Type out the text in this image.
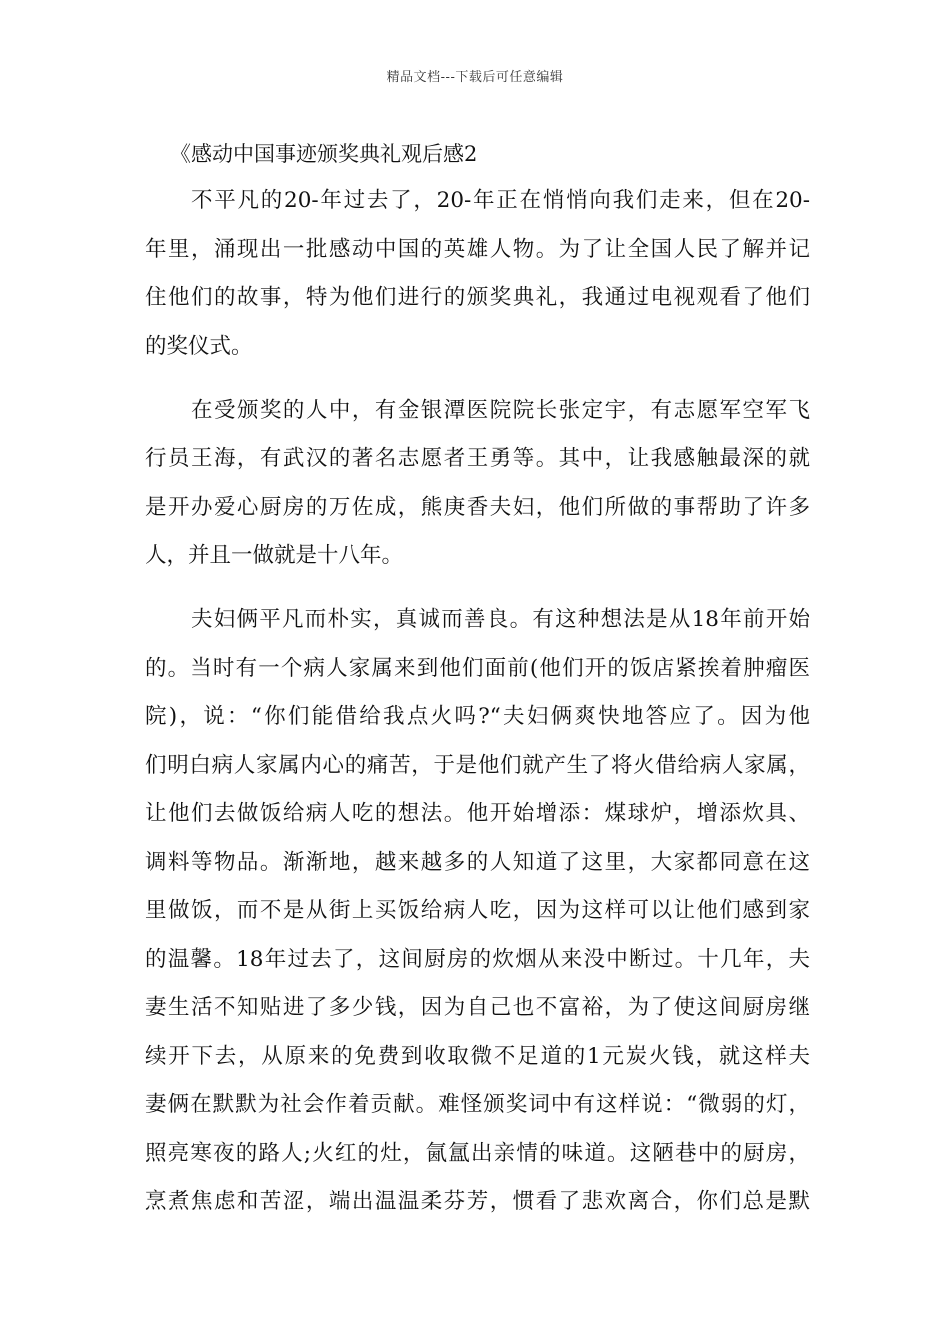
精品文档---下载后可任意编辑
《感动中国事迹颁奖典礼观后感2
不平凡的20-年过去了，20-年正在悄悄向我们走来，但在20-
年里，涌现出一批感动中国的英雄人物。为了让全国人民了解并记
住他们的故事，特为他们进行的颁奖典礼，我通过电视观看了他们
的奖仪式。
在受颁奖的人中，有金银潭医院院长张定宇，有志愿军空军飞
行员王海，有武汉的著名志愿者王勇等。其中，让我感触最深的就
是开办爱心厨房的万佐成，熊庚香夫妇，他们所做的事帮助了许多
人，并且一做就是十八年。
夫妇俩平凡而朴实，真诚而善良。有这种想法是从18年前开始
的。当时有一个病人家属来到他们面前(他们开的饭店紧挨着肿瘤医
院)，说：“你们能借给我点火吗?“夫妇俩爽快地答应了。因为他
们明白病人家属内心的痛苦，于是他们就产生了将火借给病人家属，
让他们去做饭给病人吃的想法。他开始增添：煤球炉，增添炊具、
调料等物品。渐渐地，越来越多的人知道了这里，大家都同意在这
里做饭，而不是从街上买饭给病人吃，因为这样可以让他们感到家
的温馨。18年过去了，这间厨房的炊烟从来没中断过。十几年，夫
妻生活不知贴进了多少钱，因为自己也不富裕，为了使这间厨房继
续开下去，从原来的免费到收取微不足道的1元炭火钱，就这样夫
妻俩在默默为社会作着贡献。难怪颁奖词中有这样说：“微弱的灯，
照亮寒夜的路人;火红的灶，氤氲出亲情的味道。这陋巷中的厨房，
烹煮焦虑和苦涩，端出温温柔芬芳，惯看了悲欢离合，你们总是默
